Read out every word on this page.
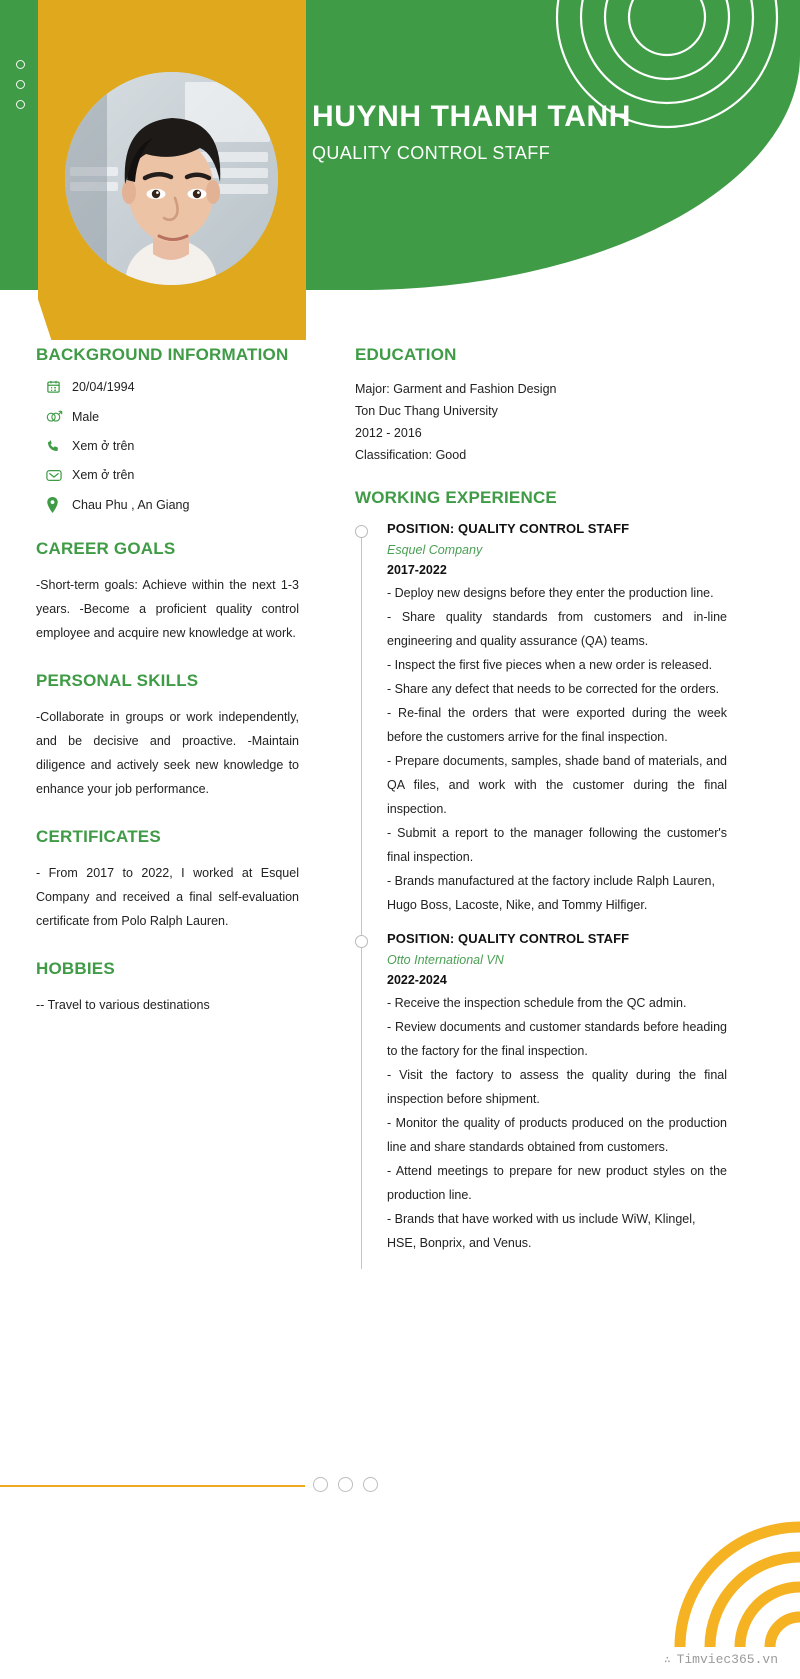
HUYNH THANH TANH
QUALITY CONTROL STAFF
BACKGROUND INFORMATION
20/04/1994
Male
Xem ở trên
Xem ở trên
Chau Phu , An Giang
CAREER GOALS
-Short-term goals: Achieve within the next 1-3 years. -Become a proficient quality control employee and acquire new knowledge at work.
PERSONAL SKILLS
-Collaborate in groups or work independently, and be decisive and proactive. -Maintain diligence and actively seek new knowledge to enhance your job performance.
CERTIFICATES
- From 2017 to 2022, I worked at Esquel Company and received a final self-evaluation certificate from Polo Ralph Lauren.
HOBBIES
-- Travel to various destinations
EDUCATION
Major: Garment and Fashion Design
Ton Duc Thang University
2012 - 2016
Classification: Good
WORKING EXPERIENCE
POSITION: QUALITY CONTROL STAFF
Esquel Company
2017-2022
- Deploy new designs before they enter the production line.
- Share quality standards from customers and in-line engineering and quality assurance (QA) teams.
- Inspect the first five pieces when a new order is released.
- Share any defect that needs to be corrected for the orders.
- Re-final the orders that were exported during the week before the customers arrive for the final inspection.
- Prepare documents, samples, shade band of materials, and QA files, and work with the customer during the final inspection.
- Submit a report to the manager following the customer's final inspection.
- Brands manufactured at the factory include Ralph Lauren, Hugo Boss, Lacoste, Nike, and Tommy Hilfiger.
POSITION: QUALITY CONTROL STAFF
Otto International VN
2022-2024
- Receive the inspection schedule from the QC admin.
- Review documents and customer standards before heading to the factory for the final inspection.
- Visit the factory to assess the quality during the final inspection before shipment.
- Monitor the quality of products produced on the production line and share standards obtained from customers.
- Attend meetings to prepare for new product styles on the production line.
- Brands that have worked with us include WiW, Klingel, HSE, Bonprix, and Venus.
∴ Timviec365.vn
